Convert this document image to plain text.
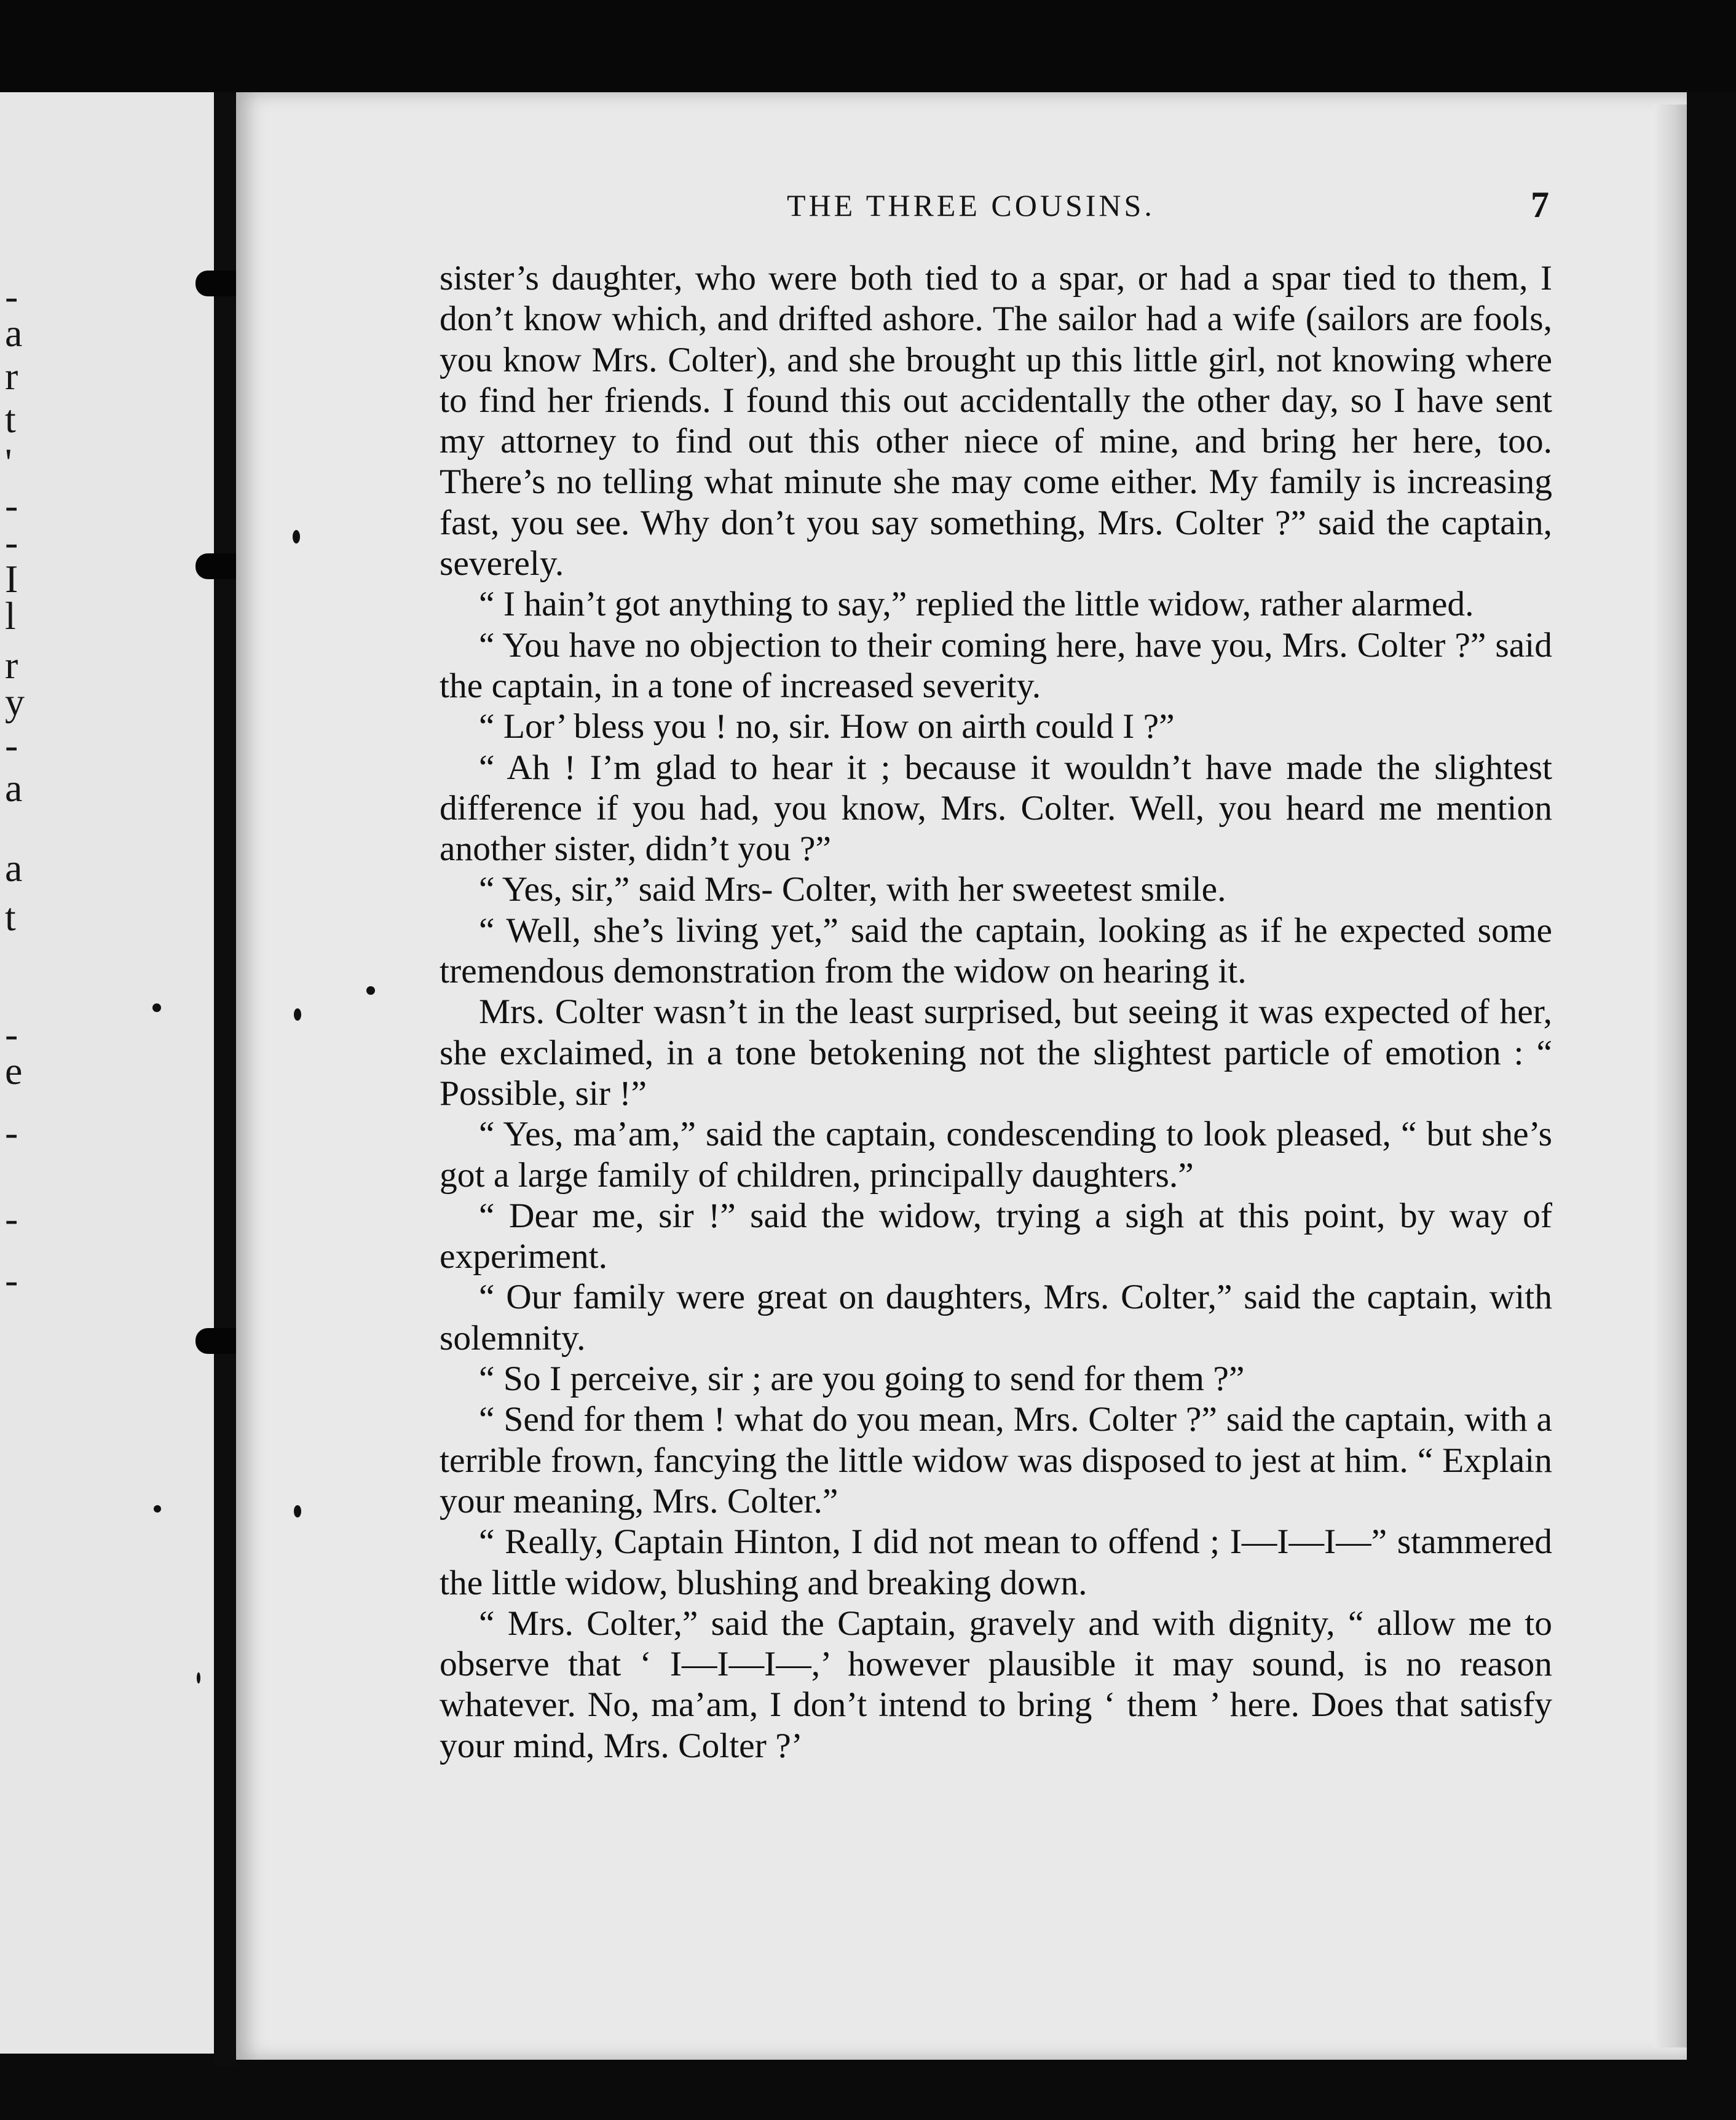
-
a
r
t
'
-
-
I
l
r
y
-
a
a
t
-
e
-
-
-
THE THREE COUSINS.	7

sister’s daughter, who were both tied to a spar, or had a spar tied to them, I don’t know which, and drifted ashore. The sailor had a wife (sailors are fools, you know Mrs. Colter), and she brought up this little girl, not knowing where to find her friends. I found this out accidentally the other day, so I have sent my attorney to find out this other niece of mine, and bring her here, too. There’s no telling what minute she may come either. My family is increasing fast, you see. Why don’t you say something, Mrs. Colter ?” said the captain, severely.

“ I hain’t got anything to say,” replied the little widow, rather alarmed.

“ You have no objection to their coming here, have you, Mrs. Colter ?” said the captain, in a tone of increased severity.

“ Lor’ bless you ! no, sir. How on airth could I ?”

“ Ah ! I’m glad to hear it ; because it wouldn’t have made the slightest difference if you had, you know, Mrs. Colter. Well, you heard me mention another sister, didn’t you ?”

“ Yes, sir,” said Mrs- Colter, with her sweetest smile.

“ Well, she’s living yet,” said the captain, looking as if he expected some tremendous demonstration from the widow on hearing it.

Mrs. Colter wasn’t in the least surprised, but seeing it was expected of her, she exclaimed, in a tone betokening not the slightest particle of emotion : “ Possible, sir !”

“ Yes, ma’am,” said the captain, condescending to look pleased, “ but she’s got a large family of children, principally daughters.”

“ Dear me, sir !” said the widow, trying a sigh at this point, by way of experiment.

“ Our family were great on daughters, Mrs. Colter,” said the captain, with solemnity.

“ So I perceive, sir ; are you going to send for them ?”

“ Send for them ! what do you mean, Mrs. Colter ?” said the captain, with a terrible frown, fancying the little widow was disposed to jest at him. “ Explain your meaning, Mrs. Colter.”

“ Really, Captain Hinton, I did not mean to offend ; I—I—I—” stammered the little widow, blushing and breaking down.

“ Mrs. Colter,” said the Captain, gravely and with dignity, “ allow me to observe that ‘ I—I—I—,’ however plausible it may sound, is no reason whatever. No, ma’am, I don’t intend to bring ‘ them ’ here. Does that satisfy your mind, Mrs. Colter ?’
